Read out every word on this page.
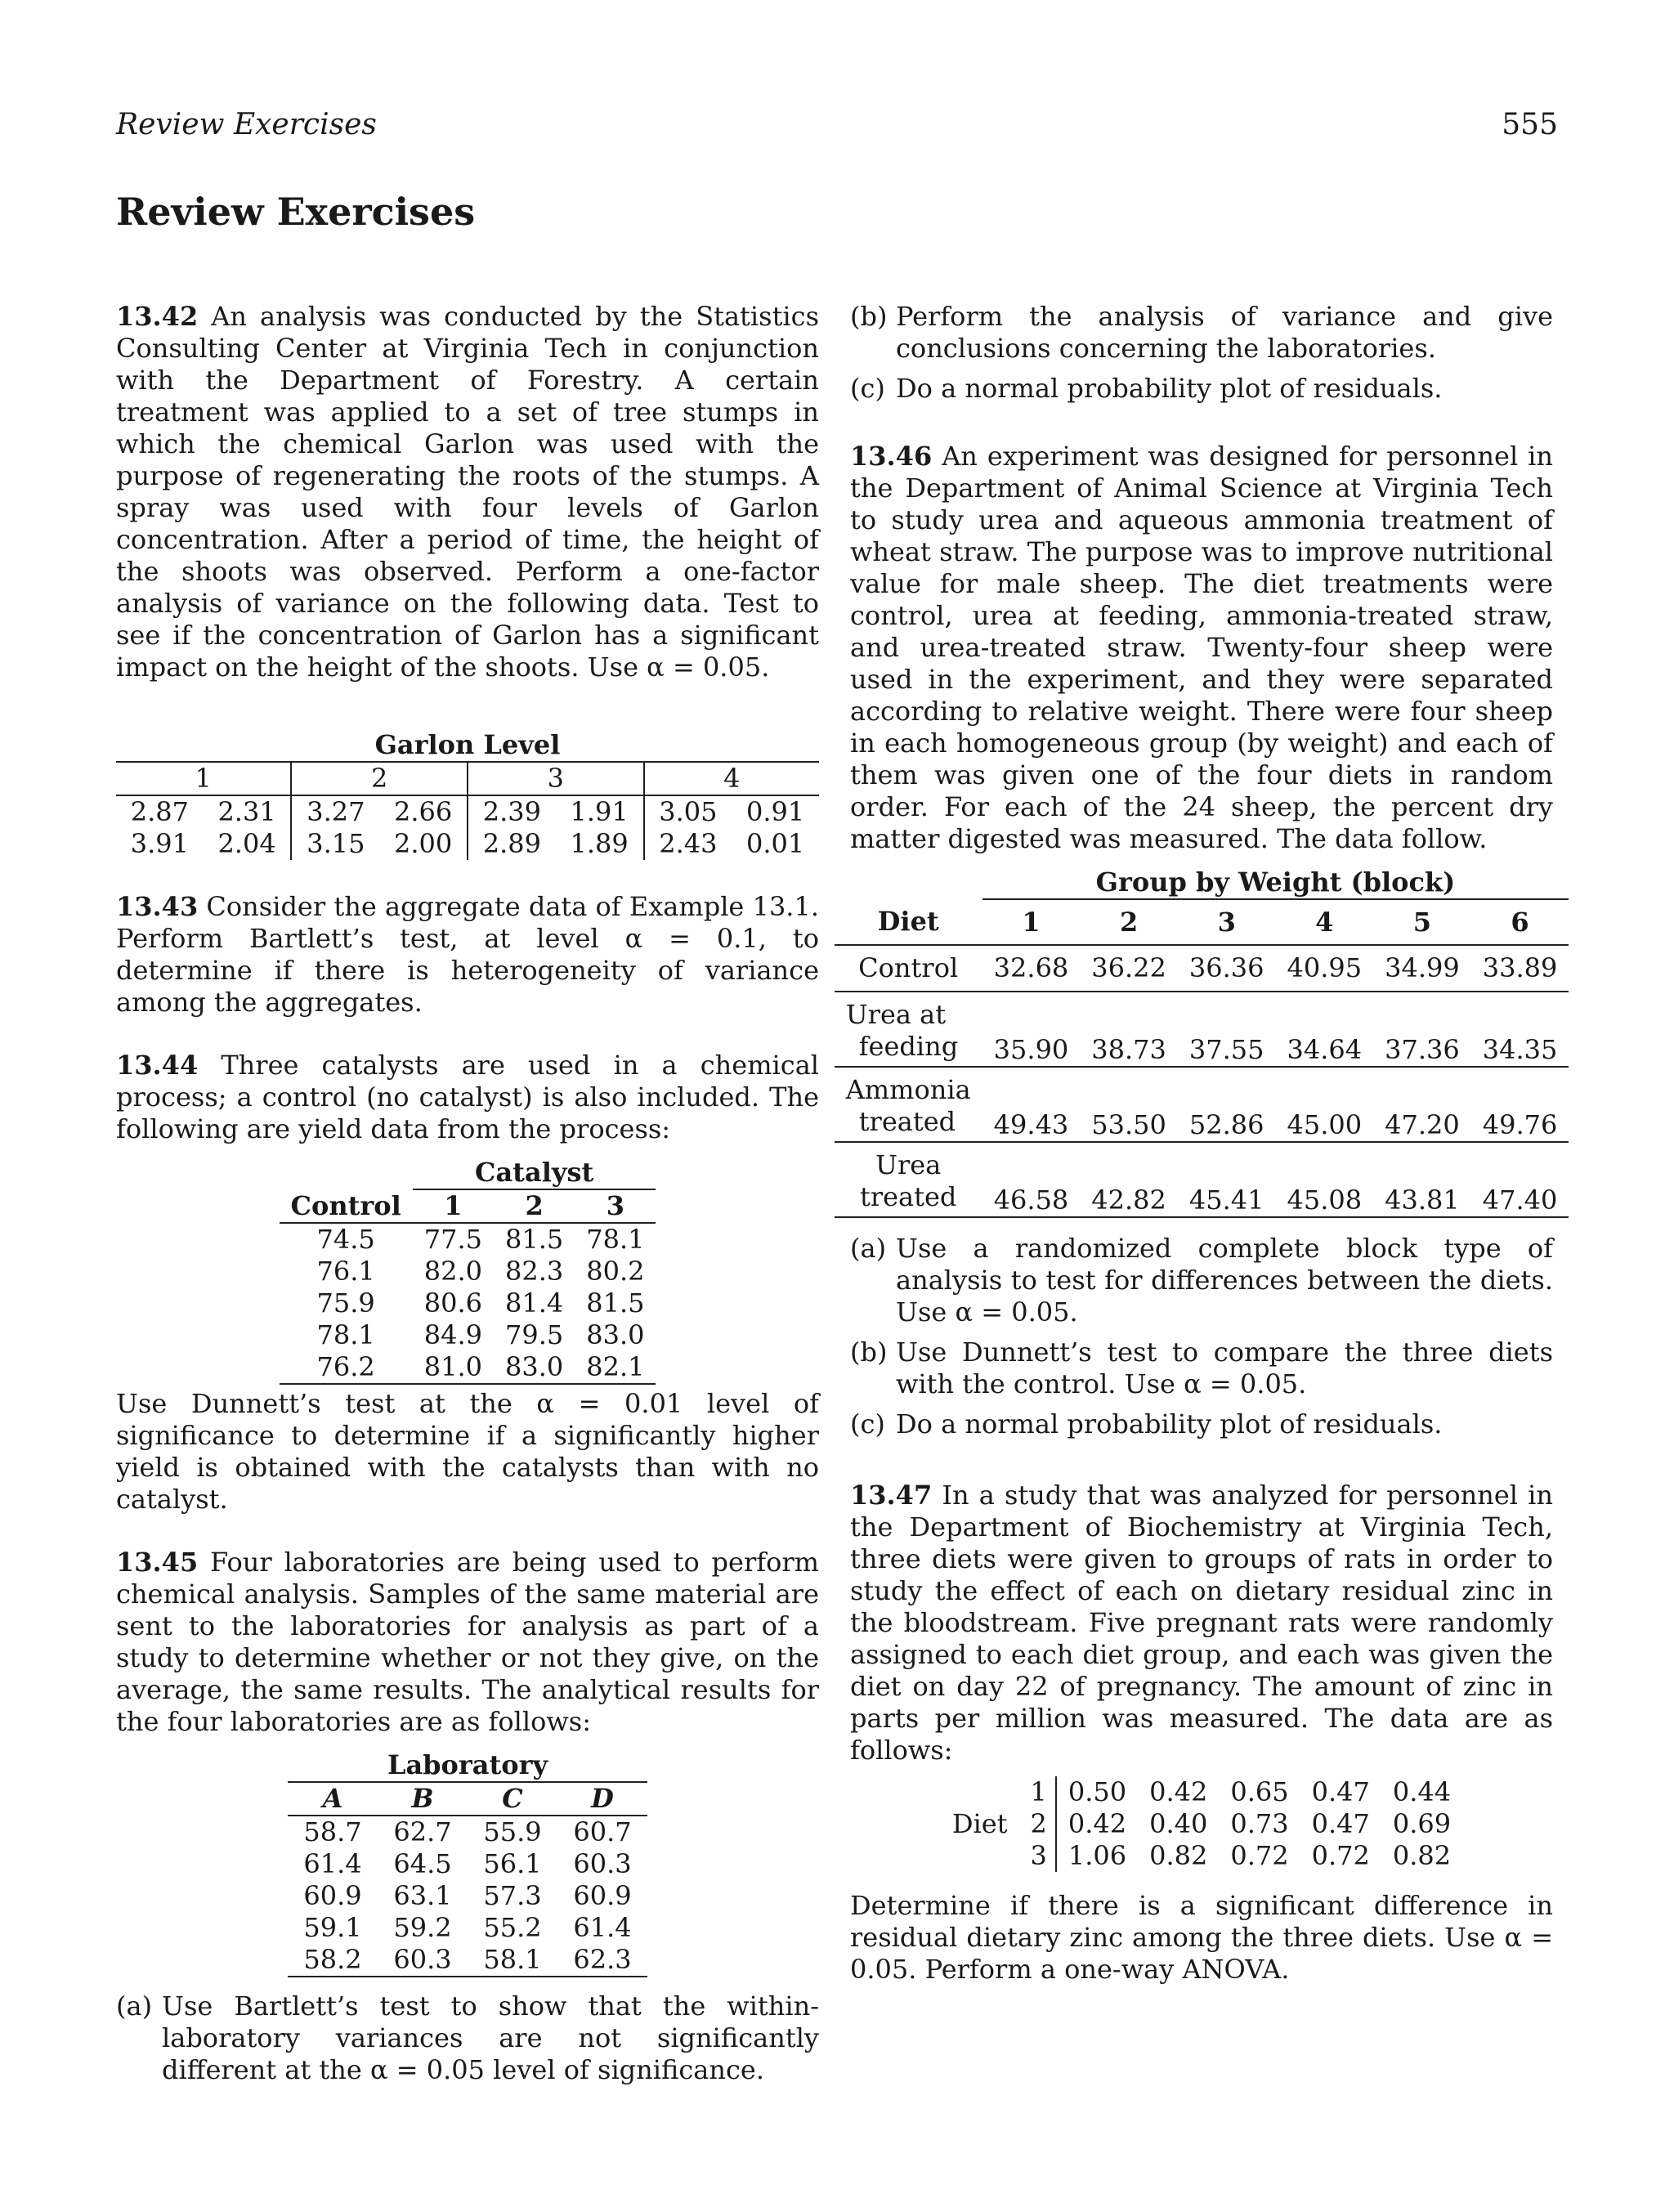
Review Exercises	555
Review Exercises

13.42 An analysis was conducted by the Statistics Consulting Center at Virginia Tech in conjunction with the Department of Forestry. A certain treatment was applied to a set of tree stumps in which the chemical Garlon was used with the purpose of regenerating the roots of the stumps. A spray was used with four levels of Garlon concentration. After a period of time, the height of the shoots was observed. Perform a one-factor analysis of variance on the following data. Test to see if the concentration of Garlon has a significant impact on the height of the shoots. Use α = 0.05.

Garlon Level							
1		2		3		4	
2.87	2.31	3.27	2.66	2.39	1.91	3.05	0.91
3.91	2.04	3.15	2.00	2.89	1.89	2.43	0.01

13.43 Consider the aggregate data of Example 13.1. Perform Bartlett’s test, at level α = 0.1, to determine if there is heterogeneity of variance among the aggregates.

13.44 Three catalysts are used in a chemical process; a control (no catalyst) is also included. The following are yield data from the process:

	Catalyst		
Control	1	2	3
74.5	77.5	81.5	78.1
76.1	82.0	82.3	80.2
75.9	80.6	81.4	81.5
78.1	84.9	79.5	83.0
76.2	81.0	83.0	82.1

Use Dunnett’s test at the α = 0.01 level of significance to determine if a significantly higher yield is obtained with the catalysts than with no catalyst.

13.45 Four laboratories are being used to perform chemical analysis. Samples of the same material are sent to the laboratories for analysis as part of a study to determine whether or not they give, on the average, the same results. The analytical results for the four laboratories are as follows:

Laboratory			
A	B	C	D
58.7	62.7	55.9	60.7
61.4	64.5	56.1	60.3
60.9	63.1	57.3	60.9
59.1	59.2	55.2	61.4
58.2	60.3	58.1	62.3
(a) Use Bartlett’s test to show that the within-laboratory variances are not significantly different at the α = 0.05 level of significance.
(b) Perform the analysis of variance and give conclusions concerning the laboratories.
(c) Do a normal probability plot of residuals.

13.46 An experiment was designed for personnel in the Department of Animal Science at Virginia Tech to study urea and aqueous ammonia treatment of wheat straw. The purpose was to improve nutritional value for male sheep. The diet treatments were control, urea at feeding, ammonia-treated straw, and urea-treated straw. Twenty-four sheep were used in the experiment, and they were separated according to relative weight. There were four sheep in each homogeneous group (by weight) and each of them was given one of the four diets in random order. For each of the 24 sheep, the percent dry matter digested was measured. The data follow.

	Group by Weight (block)					
Diet	1	2	3	4	5	6
Control	32.68	36.22	36.36	40.95	34.99	33.89

Urea at
feeding	35.90	38.73	37.55	34.64	37.36	34.35

Ammonia
treated	49.43	53.50	52.86	45.00	47.20	49.76

Urea
treated	46.58	42.82	45.41	45.08	43.81	47.40
(a) Use a randomized complete block type of analysis to test for differences between the diets. Use α = 0.05.
(b) Use Dunnett’s test to compare the three diets with the control. Use α = 0.05.
(c) Do a normal probability plot of residuals.

13.47 In a study that was analyzed for personnel in the Department of Biochemistry at Virginia Tech, three diets were given to groups of rats in order to study the effect of each on dietary residual zinc in the bloodstream. Five pregnant rats were randomly assigned to each diet group, and each was given the diet on day 22 of pregnancy. The amount of zinc in parts per million was measured. The data are as follows:

	1	0.50	0.42	0.65	0.47	0.44
Diet	2	0.42	0.40	0.73	0.47	0.69
	3	1.06	0.82	0.72	0.72	0.82

Determine if there is a significant difference in residual dietary zinc among the three diets. Use α = 0.05. Perform a one-way ANOVA.
